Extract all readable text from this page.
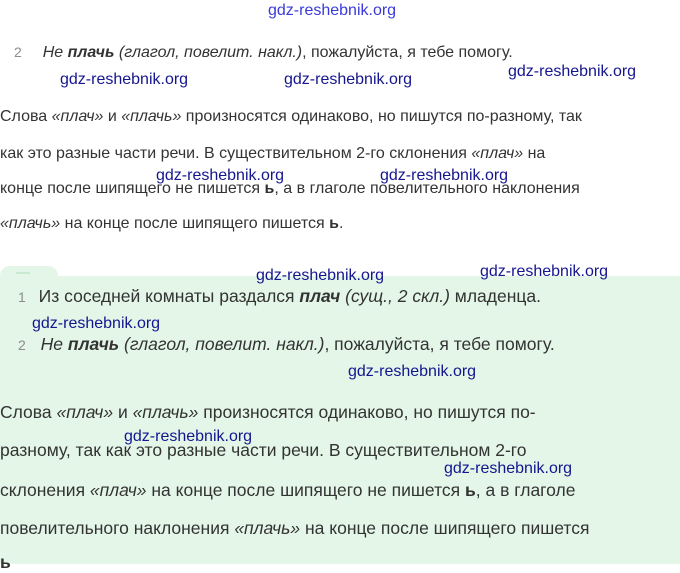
gdz-reshebnik.org
2 Не плачь (глагол, повелит. накл.), пожалуйста, я тебе помогу.
gdz-reshebnik.org	gdz-reshebnik.org	gdz-reshebnik.org
Слова «плач» и «плачь» произносятся одинаково, но пишутся по-разному, так
как это разные части речи. В существительном 2-го склонения «плач» на
gdz-reshebnik.org	gdz-reshebnik.org
конце после шипящего не пишется ь, а в глаголе повелительного наклонения
«плачь» на конце после шипящего пишется ь.
gdz-reshebnik.org	gdz-reshebnik.org
1 Из соседней комнаты раздался плач (сущ., 2 скл.) младенца.
gdz-reshebnik.org
2 Не плачь (глагол, повелит. накл.), пожалуйста, я тебе помогу.
gdz-reshebnik.org
Слова «плач» и «плачь» произносятся одинаково, но пишутся по-
gdz-reshebnik.org
разному, так как это разные части речи. В существительном 2-го
gdz-reshebnik.org
склонения «плач» на конце после шипящего не пишется ь, а в глаголе
повелительного наклонения «плачь» на конце после шипящего пишется
ь
